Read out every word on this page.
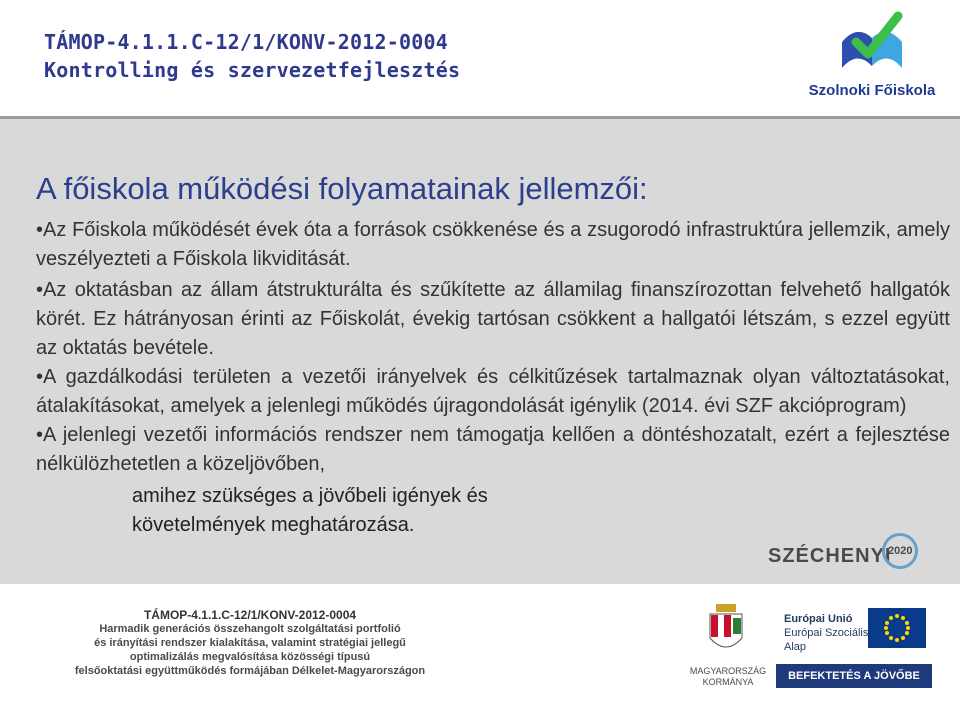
TÁMOP-4.1.1.C-12/1/KONV-2012-0004
Kontrolling és szervezetfejlesztés
Szolnoki Főiskola
A főiskola működési folyamatainak jellemzői:

•Az Főiskola működését évek óta a források csökkenése és a zsugorodó infrastruktúra jellemzik, amely veszélyezteti a Főiskola likviditását.

•Az oktatásban az állam átstrukturálta és szűkítette az államilag finanszírozottan felvehető hallgatók körét. Ez hátrányosan érinti az Főiskolát, évekig tartósan csökkent a hallgatói létszám, s ezzel együtt az oktatás bevétele.

•A gazdálkodási területen a vezetői irányelvek és célkitűzések tartalmaznak olyan változtatásokat, átalakításokat, amelyek a jelenlegi működés újragondolását igénylik (2014. évi SZF akcióprogram)

•A jelenlegi vezetői információs rendszer nem támogatja kellően a döntéshozatalt, ezért a fejlesztése nélkülözhetetlen a közeljövőben,

amihez szükséges a jövőbeli igények és

követelmények meghatározása.

SZÉCHENYI
2020
TÁMOP-4.1.1.C-12/1/KONV-2012-0004
Harmadik generációs összehangolt szolgáltatási portfolió
és irányítási rendszer kialakítása, valamint stratégiai jellegű
optimalizálás megvalósítása közösségi típusú
felsőoktatási együttműködés formájában Délkelet-Magyarországon	MAGYARORSZÁG
KORMÁNYA
Európai Unió
Európai Szociális
Alap
BEFEKTETÉS A JÖVŐBE
